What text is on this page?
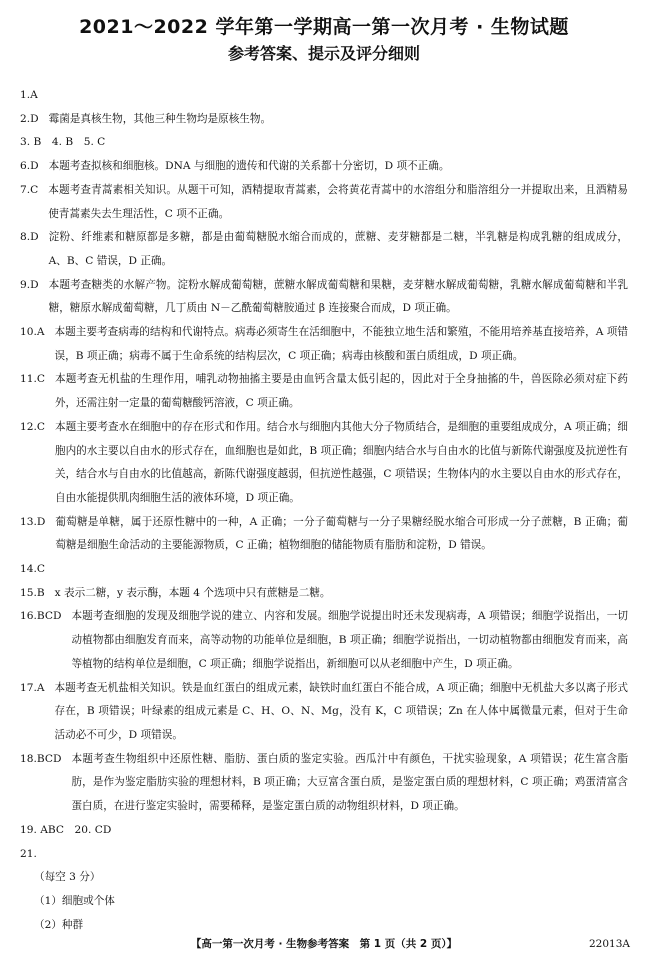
2021～2022 学年第一学期高一第一次月考 · 生物试题
参考答案、提示及评分细则
1. A
2. D 霉菌是真核生物，其他三种生物均是原核生物。
3. B　4. B　5. C
6. D 本题考查拟核和细胞核。DNA 与细胞的遗传和代谢的关系都十分密切，D 项不正确。
7. C 本题考查青蒿素相关知识。从题干可知，酒精提取青蒿素，会将黄花青蒿中的水溶组分和脂溶组分一并提取出来，且酒精易使青蒿素失去生理活性，C 项不正确。
8. D 淀粉、纤维素和糖原都是多糖，都是由葡萄糖脱水缩合而成的，蔗糖、麦芽糖都是二糖，半乳糖是构成乳糖的组成成分，A、B、C 错误，D 正确。
9. D 本题考查糖类的水解产物。淀粉水解成葡萄糖，蔗糖水解成葡萄糖和果糖，麦芽糖水解成葡萄糖，乳糖水解成葡萄糖和半乳糖，糖原水解成葡萄糖，几丁质由 N－乙酰葡萄糖胺通过 β 连接聚合而成，D 项正确。
10. A 本题主要考查病毒的结构和代谢特点。病毒必须寄生在活细胞中，不能独立地生活和繁殖，不能用培养基直接培养，A 项错误，B 项正确；病毒不属于生命系统的结构层次，C 项正确；病毒由核酸和蛋白质组成，D 项正确。
11. C 本题考查无机盐的生理作用，哺乳动物抽搐主要是由血钙含量太低引起的，因此对于全身抽搐的牛，兽医除必须对症下药外，还需注射一定量的葡萄糖酸钙溶液，C 项正确。
12. C 本题主要考查水在细胞中的存在形式和作用。结合水与细胞内其他大分子物质结合，是细胞的重要组成成分，A 项正确；细胞内的水主要以自由水的形式存在，血细胞也是如此，B 项正确；细胞内结合水与自由水的比值与新陈代谢强度及抗逆性有关，结合水与自由水的比值越高，新陈代谢强度越弱，但抗逆性越强，C 项错误；生物体内的水主要以自由水的形式存在，自由水能提供肌肉细胞生活的液体环境，D 项正确。
13. D 葡萄糖是单糖，属于还原性糖中的一种，A 正确；一分子葡萄糖与一分子果糖经脱水缩合可形成一分子蔗糖，B 正确；葡萄糖是细胞生命活动的主要能源物质，C 正确；植物细胞的储能物质有脂肪和淀粉，D 错误。
14. C
15. B x 表示二糖，y 表示酶，本题 4 个选项中只有蔗糖是二糖。
16. BCD 本题考查细胞的发现及细胞学说的建立、内容和发展。细胞学说提出时还未发现病毒，A 项错误；细胞学说指出，一切动植物都由细胞发育而来，高等动物的功能单位是细胞，B 项正确；细胞学说指出，一切动植物都由细胞发育而来，高等植物的结构单位是细胞，C 项正确；细胞学说指出，新细胞可以从老细胞中产生，D 项正确。
17. A 本题考查无机盐相关知识。铁是血红蛋白的组成元素，缺铁时血红蛋白不能合成，A 项正确；细胞中无机盐大多以离子形式存在，B 项错误；叶绿素的组成元素是 C、H、O、N、Mg，没有 K，C 项错误；Zn 在人体中属微量元素，但对于生命活动必不可少，D 项错误。
18. BCD 本题考查生物组织中还原性糖、脂肪、蛋白质的鉴定实验。西瓜汁中有颜色，干扰实验现象，A 项错误；花生富含脂肪，是作为鉴定脂肪实验的理想材料，B 项正确；大豆富含蛋白质，是鉴定蛋白质的理想材料，C 项正确；鸡蛋清富含蛋白质，在进行鉴定实验时，需要稀释，是鉴定蛋白质的动物组织材料，D 项正确。
19. ABC　20. CD
21.
（每空 3 分）
（1）细胞或个体
（2）种群
【高一第一次月考 · 生物参考答案　第 1 页（共 2 页）】	22013A
